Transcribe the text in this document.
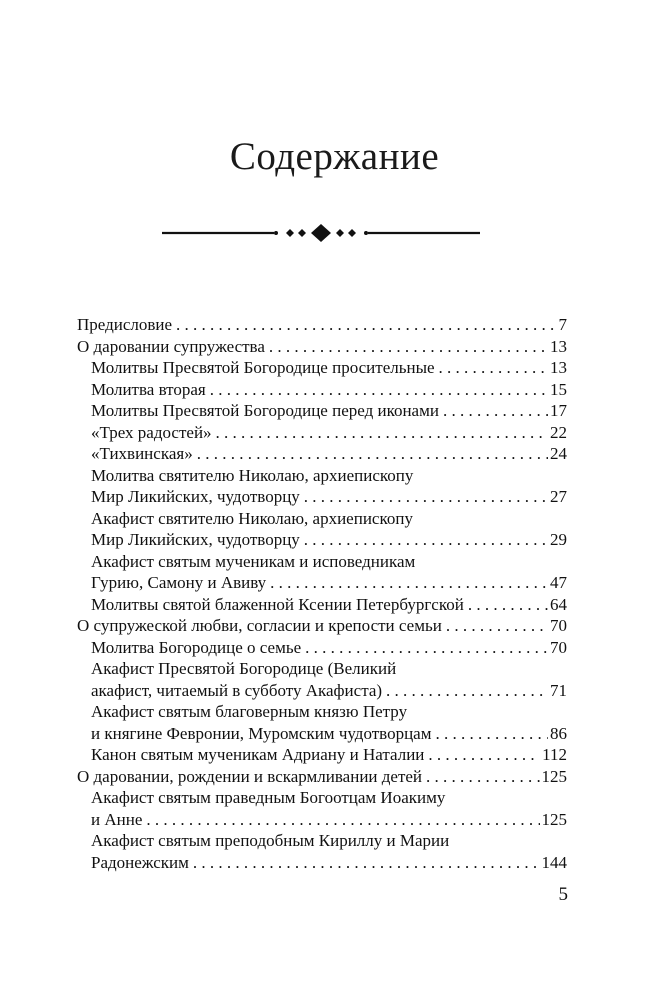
Содержание
Предисловие . . .	7
О даровании супружества . . .	13
Молитвы Пресвятой Богородице просительные . . .	13
Молитва вторая . . .	15
Молитвы Пресвятой Богородице перед иконами . . .	17
«Трех радостей» . . .	22
«Тихвинская» . . .	24
Молитва святителю Николаю, архиепископу
Мир Ликийских, чудотворцу . . .	27
Акафист святителю Николаю, архиепископу
Мир Ликийских, чудотворцу . . .	29
Акафист святым мученикам и исповедникам
Гурию, Самону и Авиву . . .	47
Молитвы святой блаженной Ксении Петербургской . . .	64
О супружеской любви, согласии и крепости семьи . . .	70
Молитва Богородице о семье . . .	70
Акафист Пресвятой Богородице (Великий
акафист, читаемый в субботу Акафиста) . . .	71
Акафист святым благоверным князю Петру
и княгине Февронии, Муромским чудотворцам . . .	86
Канон святым мученикам Адриану и Наталии . . .	112
О даровании, рождении и вскармливании детей . . .	125
Акафист святым праведным Богоотцам Иоакиму
и Анне . . .	125
Акафист святым преподобным Кириллу и Марии
Радонежским . . .	144
5
